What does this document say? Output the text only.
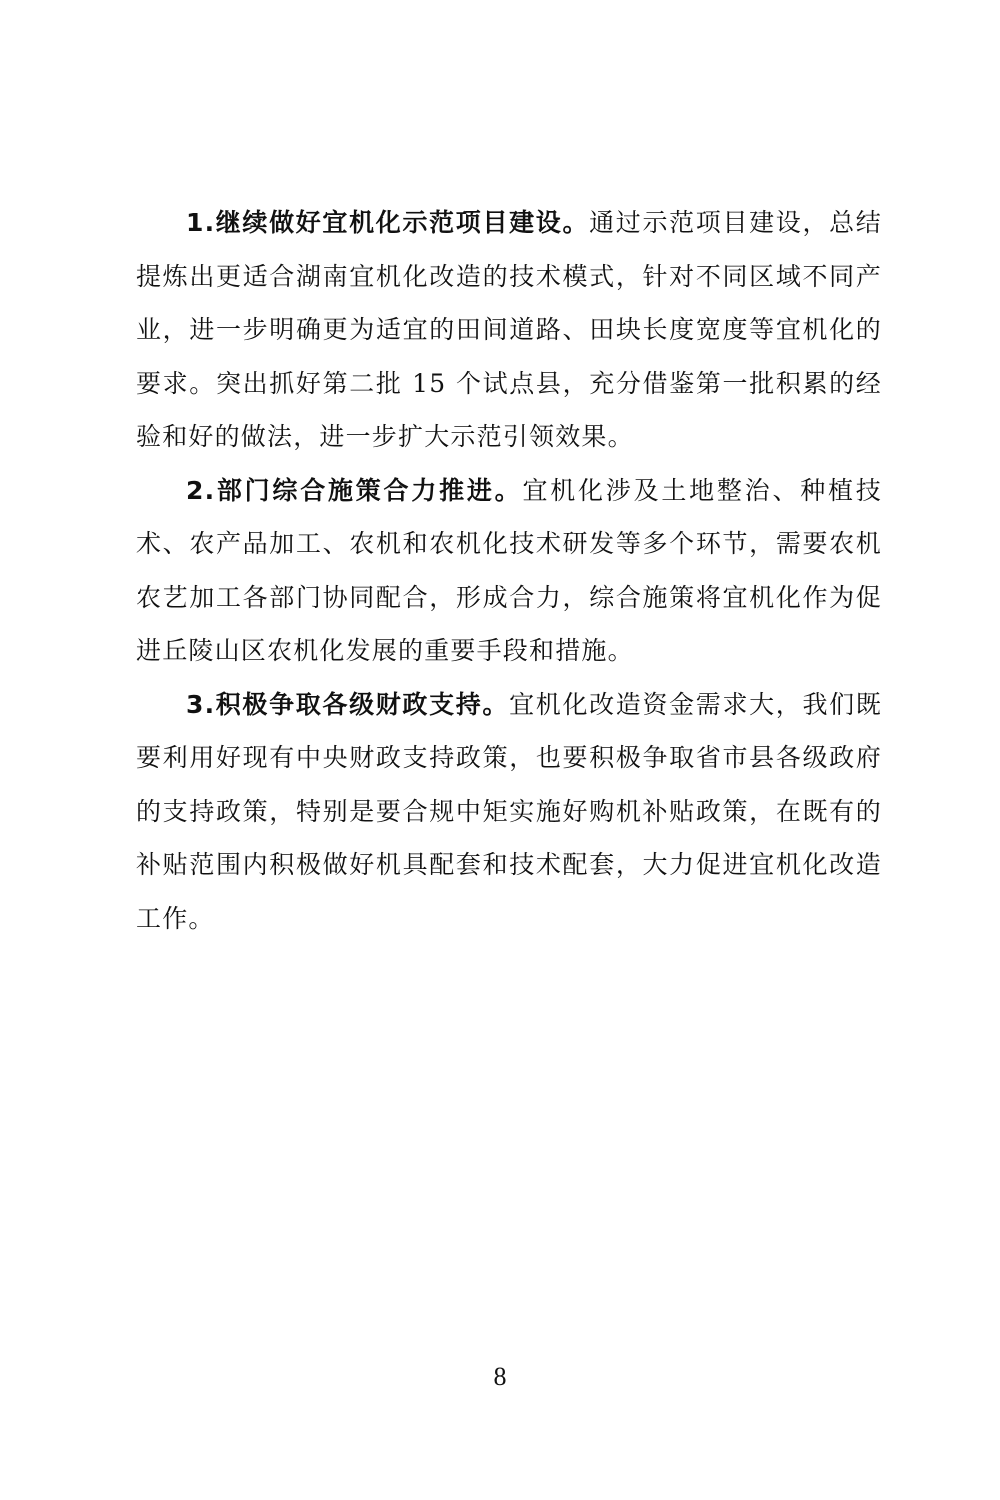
1.继续做好宜机化示范项目建设。通过示范项目建设，总结提炼出更适合湖南宜机化改造的技术模式，针对不同区域不同产业，进一步明确更为适宜的田间道路、田块长度宽度等宜机化的要求。突出抓好第二批 15 个试点县，充分借鉴第一批积累的经验和好的做法，进一步扩大示范引领效果。

2.部门综合施策合力推进。宜机化涉及土地整治、种植技术、农产品加工、农机和农机化技术研发等多个环节，需要农机农艺加工各部门协同配合，形成合力，综合施策将宜机化作为促进丘陵山区农机化发展的重要手段和措施。

3.积极争取各级财政支持。宜机化改造资金需求大，我们既要利用好现有中央财政支持政策，也要积极争取省市县各级政府的支持政策，特别是要合规中矩实施好购机补贴政策，在既有的补贴范围内积极做好机具配套和技术配套，大力促进宜机化改造工作。

8
